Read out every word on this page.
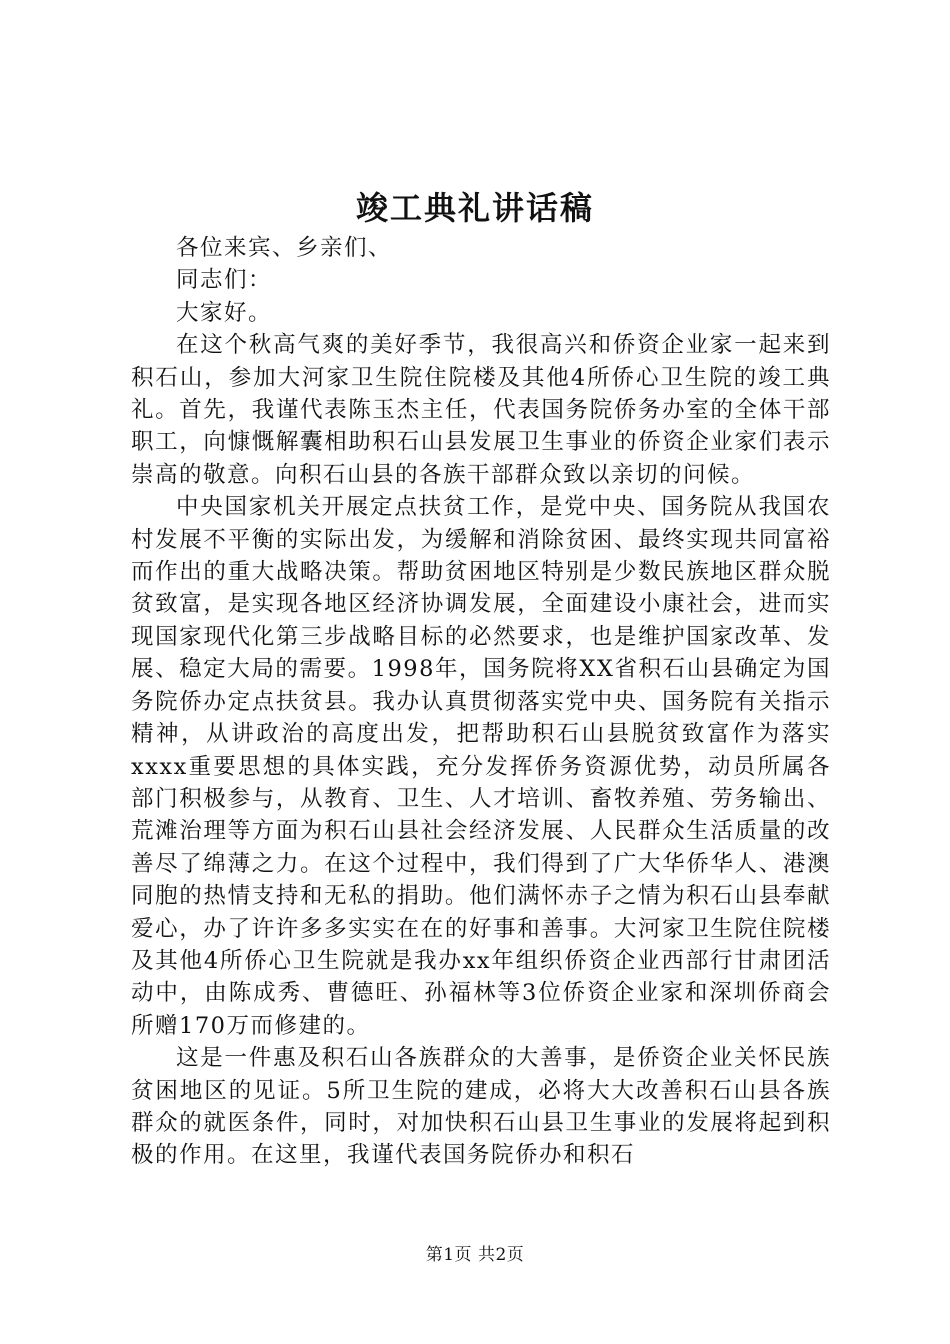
竣工典礼讲话稿

各位来宾、乡亲们、

同志们：

大家好。

在这个秋高气爽的美好季节，我很高兴和侨资企业家一起来到积石山，参加大河家卫生院住院楼及其他4所侨心卫生院的竣工典礼。首先，我谨代表陈玉杰主任，代表国务院侨务办室的全体干部职工，向慷慨解囊相助积石山县发展卫生事业的侨资企业家们表示崇高的敬意。向积石山县的各族干部群众致以亲切的问候。

中央国家机关开展定点扶贫工作，是党中央、国务院从我国农村发展不平衡的实际出发，为缓解和消除贫困、最终实现共同富裕而作出的重大战略决策。帮助贫困地区特别是少数民族地区群众脱贫致富，是实现各地区经济协调发展，全面建设小康社会，进而实现国家现代化第三步战略目标的必然要求，也是维护国家改革、发展、稳定大局的需要。1998年，国务院将XX省积石山县确定为国务院侨办定点扶贫县。我办认真贯彻落实党中央、国务院有关指示精神，从讲政治的高度出发，把帮助积石山县脱贫致富作为落实xxxx重要思想的具体实践，充分发挥侨务资源优势，动员所属各部门积极参与，从教育、卫生、人才培训、畜牧养殖、劳务输出、荒滩治理等方面为积石山县社会经济发展、人民群众生活质量的改善尽了绵薄之力。在这个过程中，我们得到了广大华侨华人、港澳同胞的热情支持和无私的捐助。他们满怀赤子之情为积石山县奉献爱心，办了许许多多实实在在的好事和善事。大河家卫生院住院楼及其他4所侨心卫生院就是我办xx年组织侨资企业西部行甘肃团活动中，由陈成秀、曹德旺、孙福林等3位侨资企业家和深圳侨商会所赠170万而修建的。

这是一件惠及积石山各族群众的大善事，是侨资企业关怀民族贫困地区的见证。5所卫生院的建成，必将大大改善积石山县各族群众的就医条件，同时，对加快积石山县卫生事业的发展将起到积极的作用。在这里，我谨代表国务院侨办和积石

第1页 共2页
